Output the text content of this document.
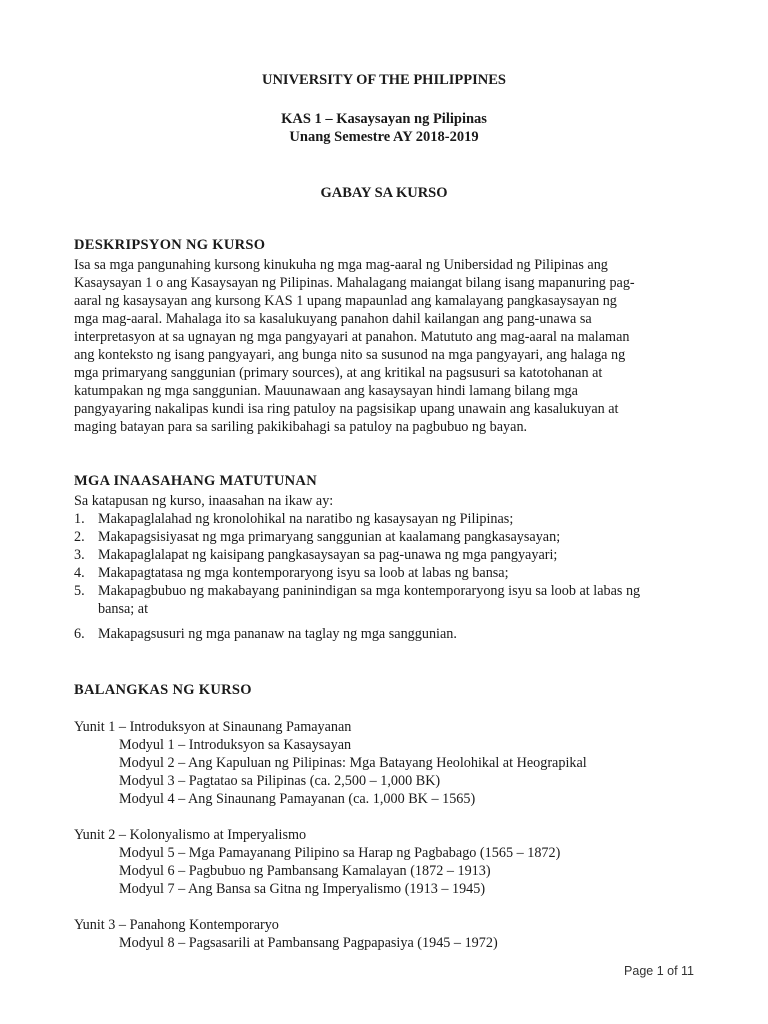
UNIVERSITY OF THE PHILIPPINES
KAS 1 – Kasaysayan ng Pilipinas
Unang Semestre AY 2018-2019
GABAY SA KURSO
DESKRIPSYON NG KURSO

Isa sa mga pangunahing kursong kinukuha ng mga mag-aaral ng Unibersidad ng Pilipinas ang
Kasaysayan 1 o ang Kasaysayan ng Pilipinas. Mahalagang maiangat bilang isang mapanuring pag-
aaral ng kasaysayan ang kursong KAS 1 upang mapaunlad ang kamalayang pangkasaysayan ng
mga mag-aaral. Mahalaga ito sa kasalukuyang panahon dahil kailangan ang pang-unawa sa
interpretasyon at sa ugnayan ng mga pangyayari at panahon. Matututo ang mag-aaral na malaman
ang konteksto ng isang pangyayari, ang bunga nito sa susunod na mga pangyayari, ang halaga ng
mga primaryang sanggunian (primary sources), at ang kritikal na pagsusuri sa katotohanan at
katumpakan ng mga sanggunian. Mauunawaan ang kasaysayan hindi lamang bilang mga
pangyayaring nakalipas kundi isa ring patuloy na pagsisikap upang unawain ang kasalukuyan at
maging batayan para sa sariling pakikibahagi sa patuloy na pagbubuo ng bayan.

MGA INAASAHANG MATUTUNAN
Sa katapusan ng kurso, inaasahan na ikaw ay:
1. Makapaglalahad ng kronolohikal na naratibo ng kasaysayan ng Pilipinas;
2. Makapagsisiyasat ng mga primaryang sanggunian at kaalamang pangkasaysayan;
3. Makapaglalapat ng kaisipang pangkasaysayan sa pag-unawa ng mga pangyayari;
4. Makapagtatasa ng mga kontemporaryong isyu sa loob at labas ng bansa;
5. Makapagbubuo ng makabayang paninindigan sa mga kontemporaryong isyu sa loob at labas ng
bansa; at
6. Makapagsusuri ng mga pananaw na taglay ng mga sanggunian.
BALANGKAS NG KURSO
Yunit 1 – Introduksyon at Sinaunang Pamayanan
Modyul 1 – Introduksyon sa Kasaysayan
Modyul 2 – Ang Kapuluan ng Pilipinas: Mga Batayang Heolohikal at Heograpikal
Modyul 3 – Pagtatao sa Pilipinas (ca. 2,500 – 1,000 BK)
Modyul 4 – Ang Sinaunang Pamayanan (ca. 1,000 BK – 1565)
Yunit 2 – Kolonyalismo at Imperyalismo
Modyul 5 – Mga Pamayanang Pilipino sa Harap ng Pagbabago (1565 – 1872)
Modyul 6 – Pagbubuo ng Pambansang Kamalayan (1872 – 1913)
Modyul 7 – Ang Bansa sa Gitna ng Imperyalismo (1913 – 1945)
Yunit 3 – Panahong Kontemporaryo
Modyul 8 – Pagsasarili at Pambansang Pagpapasiya (1945 – 1972)
Page 1 of 11
